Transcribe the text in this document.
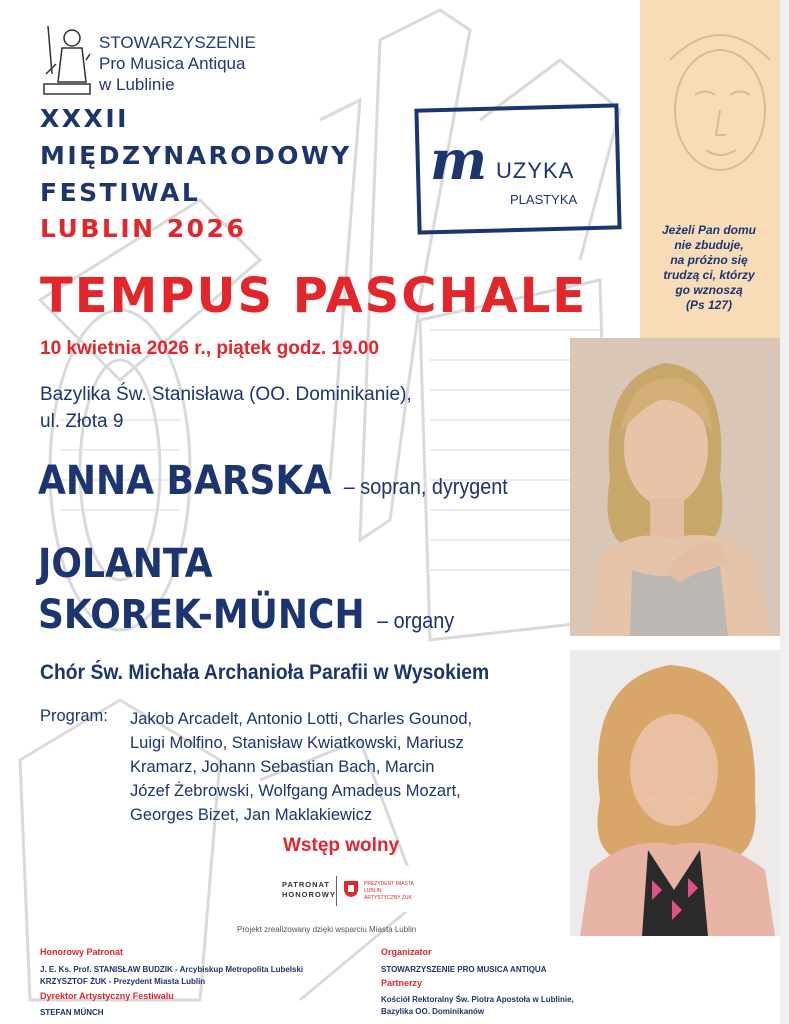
STOWARZYSZENIE
Pro Musica Antiqua
w Lublinie
XXXII
MIĘDZYNARODOWY
FESTIWAL
LUBLIN 2026
m UZYKA
PLASTYKA
Jeżeli Pan domu
nie zbuduje,
na próżno się
trudzą ci, którzy
go wznoszą
(Ps 127)
TEMPUS PASCHALE
10 kwietnia 2026 r., piątek godz. 19.00
Bazylika Św. Stanisława (OO. Dominikanie),
ul. Złota 9
ANNA BARSKA – sopran, dyrygent
JOLANTA
SKOREK-MÜNCH – organy
Chór Św. Michała Archanioła Parafii w Wysokiem
Program: Jakob Arcadelt, Antonio Lotti, Charles Gounod,
Luigi Molfino, Stanisław Kwiatkowski, Mariusz
Kramarz, Johann Sebastian Bach, Marcin
Józef Żebrowski, Wolfgang Amadeus Mozart,
Georges Bizet, Jan Maklakiewicz
Wstęp wolny
PATRONAT
HONOROWY
PREZYDENT MIASTA LUBLIN ARTYSTYCZNY ZUK
Projekt zrealizowany dzięki wsparciu Miasta Lublin
Honorowy Patronat
J. E. Ks. Prof. STANISŁAW BUDZIK - Arcybiskup Metropolita Lubelski
KRZYSZTOF ŻUK - Prezydent Miasta Lublin
Dyrektor Artystyczny Festiwalu
STEFAN MÜNCH
Organizator
STOWARZYSZENIE PRO MUSICA ANTIQUA
Partnerzy
Kościół Rektoralny Św. Piotra Apostoła w Lublinie,
Bazylika OO. Dominikanów
